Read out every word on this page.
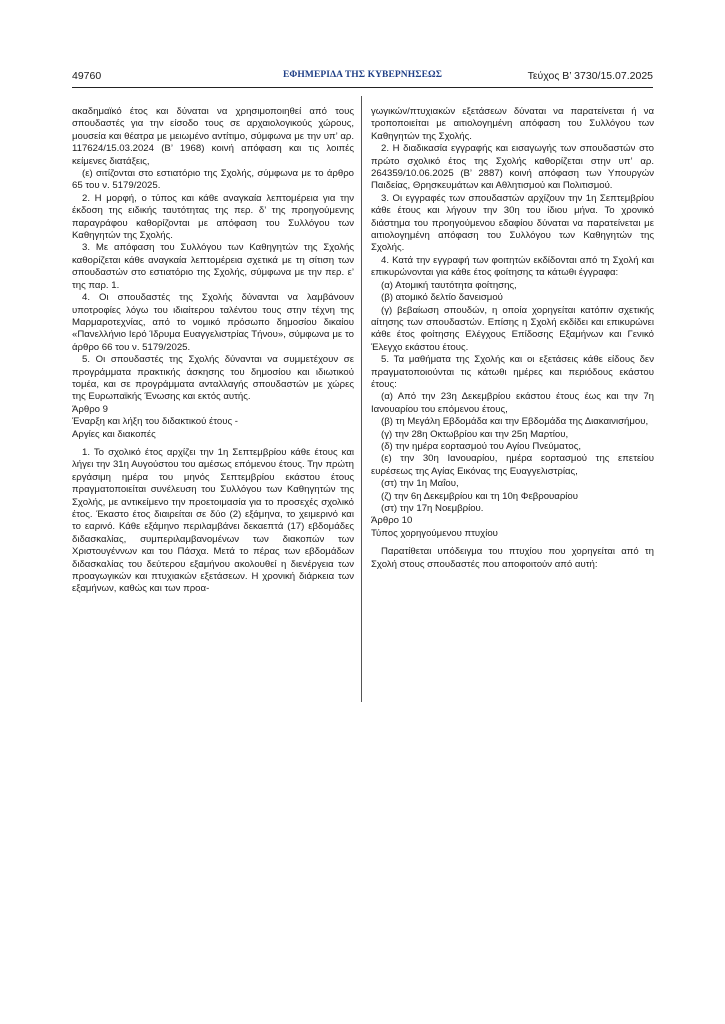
49760	ΕΦΗΜΕΡΙΔΑ ΤΗΣ ΚΥΒΕΡΝΗΣΕΩΣ	Τεύχος Β’ 3730/15.07.2025

ακαδημαϊκό έτος και δύναται να χρησιμοποιηθεί από τους σπουδαστές για την είσοδο τους σε αρχαιολογικούς χώρους, μουσεία και θέατρα με μειωμένο αντίτιμο, σύμφωνα με την υπ’ αρ. 117624/15.03.2024 (Β’ 1968) κοινή απόφαση και τις λοιπές κείμενες διατάξεις,

(ε) σιτίζονται στο εστιατόριο της Σχολής, σύμφωνα με το άρθρο 65 του ν. 5179/2025.

2. Η μορφή, ο τύπος και κάθε αναγκαία λεπτομέρεια για την έκδοση της ειδικής ταυτότητας της περ. δ’ της προηγούμενης παραγράφου καθορίζονται με απόφαση του Συλλόγου των Καθηγητών της Σχολής.

3. Με απόφαση του Συλλόγου των Καθηγητών της Σχολής καθορίζεται κάθε αναγκαία λεπτομέρεια σχετικά με τη σίτιση των σπουδαστών στο εστιατόριο της Σχολής, σύμφωνα με την περ. ε’ της παρ. 1.

4. Οι σπουδαστές της Σχολής δύνανται να λαμβάνουν υποτροφίες λόγω του ιδιαίτερου ταλέντου τους στην τέχνη της Μαρμαροτεχνίας, από το νομικό πρόσωπο δημοσίου δικαίου «Πανελλήνιο Ιερό Ίδρυμα Ευαγγελιστρίας Τήνου», σύμφωνα με το άρθρο 66 του ν. 5179/2025.

5. Οι σπουδαστές της Σχολής δύνανται να συμμετέχουν σε προγράμματα πρακτικής άσκησης του δημοσίου και ιδιωτικού τομέα, και σε προγράμματα ανταλλαγής σπουδαστών με χώρες της Ευρωπαϊκής Ένωσης και εκτός αυτής.

Άρθρο 9

Έναρξη και λήξη του διδακτικού έτους -

Αργίες και διακοπές

1. Το σχολικό έτος αρχίζει την 1η Σεπτεμβρίου κάθε έτους και λήγει την 31η Αυγούστου του αμέσως επόμενου έτους. Την πρώτη εργάσιμη ημέρα του μηνός Σεπτεμβρίου εκάστου έτους πραγματοποιείται συνέλευση του Συλλόγου των Καθηγητών της Σχολής, με αντικείμενο την προετοιμασία για το προσεχές σχολικό έτος. Έκαστο έτος διαιρείται σε δύο (2) εξάμηνα, το χειμερινό και το εαρινό. Κάθε εξάμηνο περιλαμβάνει δεκαεπτά (17) εβδομάδες διδασκαλίας, συμπεριλαμβανομένων των διακοπών των Χριστουγέννων και του Πάσχα. Μετά το πέρας των εβδομάδων διδασκαλίας του δεύτερου εξαμήνου ακολουθεί η διενέργεια των προαγωγικών και πτυχιακών εξετάσεων. Η χρονική διάρκεια των εξαμήνων, καθώς και των προα-

γωγικών/πτυχιακών εξετάσεων δύναται να παρατείνεται ή να τροποποιείται με αιτιολογημένη απόφαση του Συλλόγου των Καθηγητών της Σχολής.

2. Η διαδικασία εγγραφής και εισαγωγής των σπουδαστών στο πρώτο σχολικό έτος της Σχολής καθορίζεται στην υπ’ αρ. 264359/10.06.2025 (Β’ 2887) κοινή απόφαση των Υπουργών Παιδείας, Θρησκευμάτων και Αθλητισμού και Πολιτισμού.

3. Οι εγγραφές των σπουδαστών αρχίζουν την 1η Σεπτεμβρίου κάθε έτους και λήγουν την 30η του ίδιου μήνα. Το χρονικό διάστημα του προηγούμενου εδαφίου δύναται να παρατείνεται με αιτιολογημένη απόφαση του Συλλόγου των Καθηγητών της Σχολής.

4. Κατά την εγγραφή των φοιτητών εκδίδονται από τη Σχολή και επικυρώνονται για κάθε έτος φοίτησης τα κάτωθι έγγραφα:

(α) Ατομική ταυτότητα φοίτησης,

(β) ατομικό δελτίο δανεισμού

(γ) βεβαίωση σπουδών, η οποία χορηγείται κατόπιν σχετικής αίτησης των σπουδαστών. Επίσης η Σχολή εκδίδει και επικυρώνει κάθε έτος φοίτησης Ελέγχους Επίδοσης Εξαμήνων και Γενικό Έλεγχο εκάστου έτους.

5. Τα μαθήματα της Σχολής και οι εξετάσεις κάθε είδους δεν πραγματοποιούνται τις κάτωθι ημέρες και περιόδους εκάστου έτους:

(α) Από την 23η Δεκεμβρίου εκάστου έτους έως και την 7η Ιανουαρίου του επόμενου έτους,

(β) τη Μεγάλη Εβδομάδα και την Εβδομάδα της Διακαινισήμου,

(γ) την 28η Οκτωβρίου και την 25η Μαρτίου,

(δ) την ημέρα εορτασμού του Αγίου Πνεύματος,

(ε) την 30η Ιανουαρίου, ημέρα εορτασμού της επετείου ευρέσεως της Αγίας Εικόνας της Ευαγγελιστρίας,

(στ) την 1η Μαΐου,

(ζ) την 6η Δεκεμβρίου και τη 10η Φεβρουαρίου

(στ) την 17η Νοεμβρίου.

Άρθρο 10

Τύπος χορηγούμενου πτυχίου

Παρατίθεται υπόδειγμα του πτυχίου που χορηγείται από τη Σχολή στους σπουδαστές που αποφοιτούν από αυτή:
